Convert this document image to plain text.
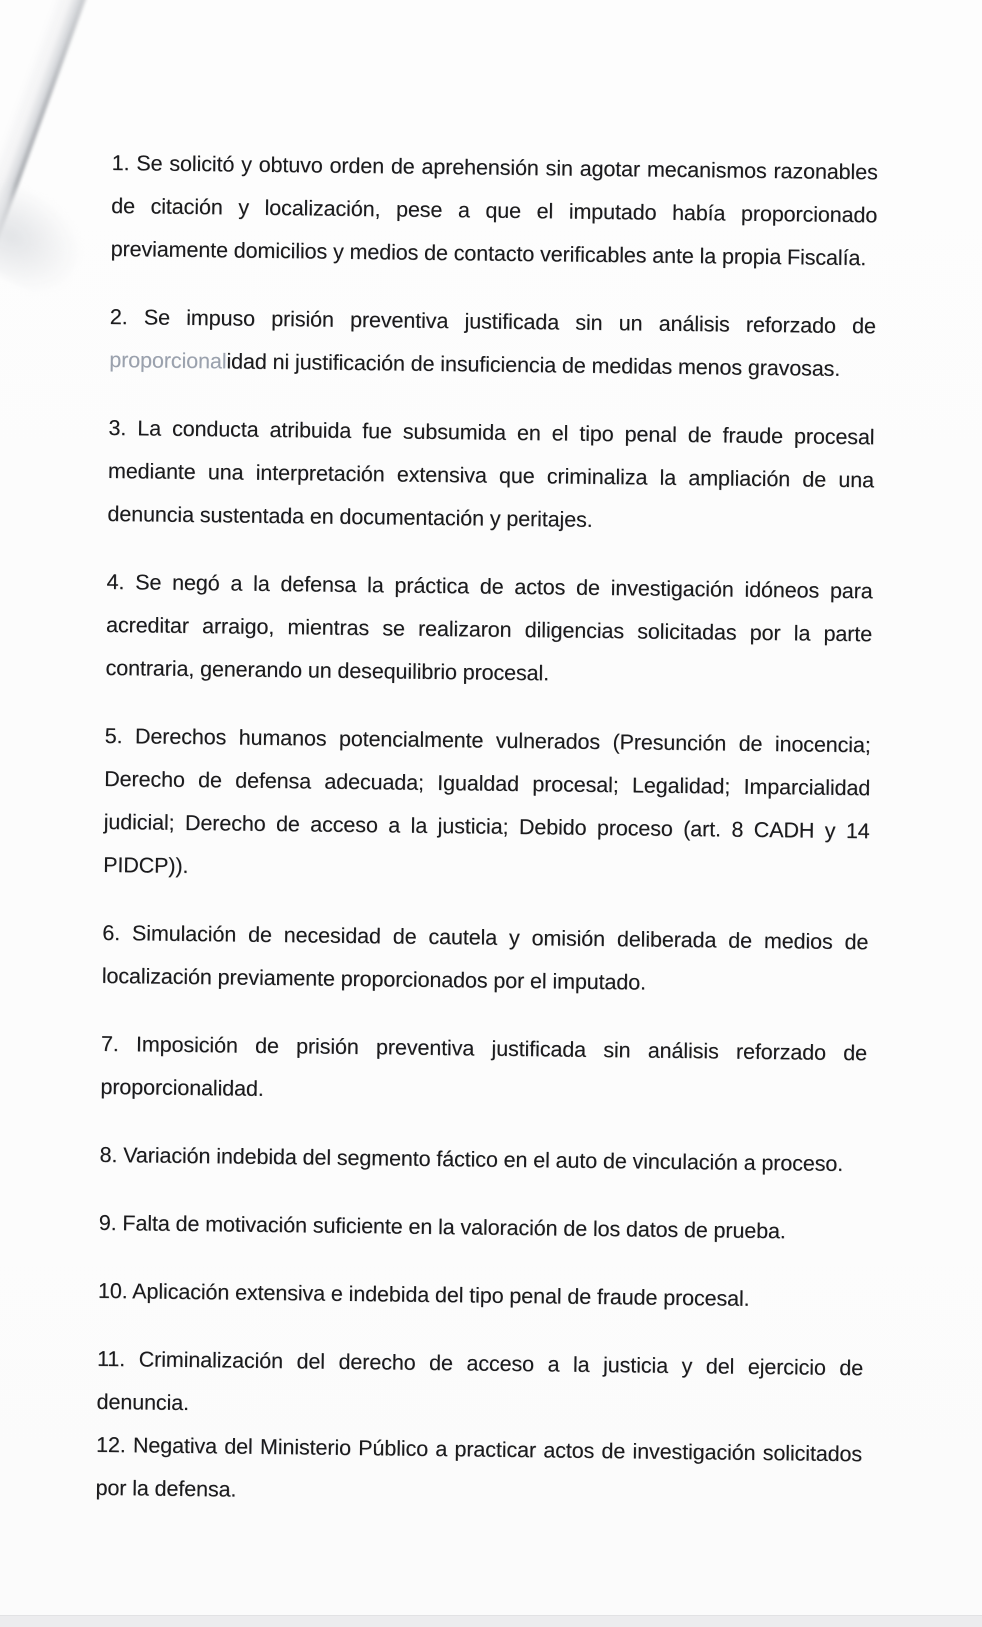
1. Se solicitó y obtuvo orden de aprehensión sin agotar mecanismos razonables de citación y localización, pese a que el imputado había proporcionado previamente domicilios y medios de contacto verificables ante la propia Fiscalía.

2. Se impuso prisión preventiva justificada sin un análisis reforzado de proporcionalidad ni justificación de insuficiencia de medidas menos gravosas.

3. La conducta atribuida fue subsumida en el tipo penal de fraude procesal mediante una interpretación extensiva que criminaliza la ampliación de una denuncia sustentada en documentación y peritajes.

4. Se negó a la defensa la práctica de actos de investigación idóneos para acreditar arraigo, mientras se realizaron diligencias solicitadas por la parte contraria, generando un desequilibrio procesal.

5. Derechos humanos potencialmente vulnerados (Presunción de inocencia; Derecho de defensa adecuada; Igualdad procesal; Legalidad; Imparcialidad judicial; Derecho de acceso a la justicia; Debido proceso (art. 8 CADH y 14 PIDCP)).

6. Simulación de necesidad de cautela y omisión deliberada de medios de localización previamente proporcionados por el imputado.

7. Imposición de prisión preventiva justificada sin análisis reforzado de proporcionalidad.

8. Variación indebida del segmento fáctico en el auto de vinculación a proceso.

9. Falta de motivación suficiente en la valoración de los datos de prueba.

10. Aplicación extensiva e indebida del tipo penal de fraude procesal.

11. Criminalización del derecho de acceso a la justicia y del ejercicio de denuncia.

12. Negativa del Ministerio Público a practicar actos de investigación solicitados por la defensa.
